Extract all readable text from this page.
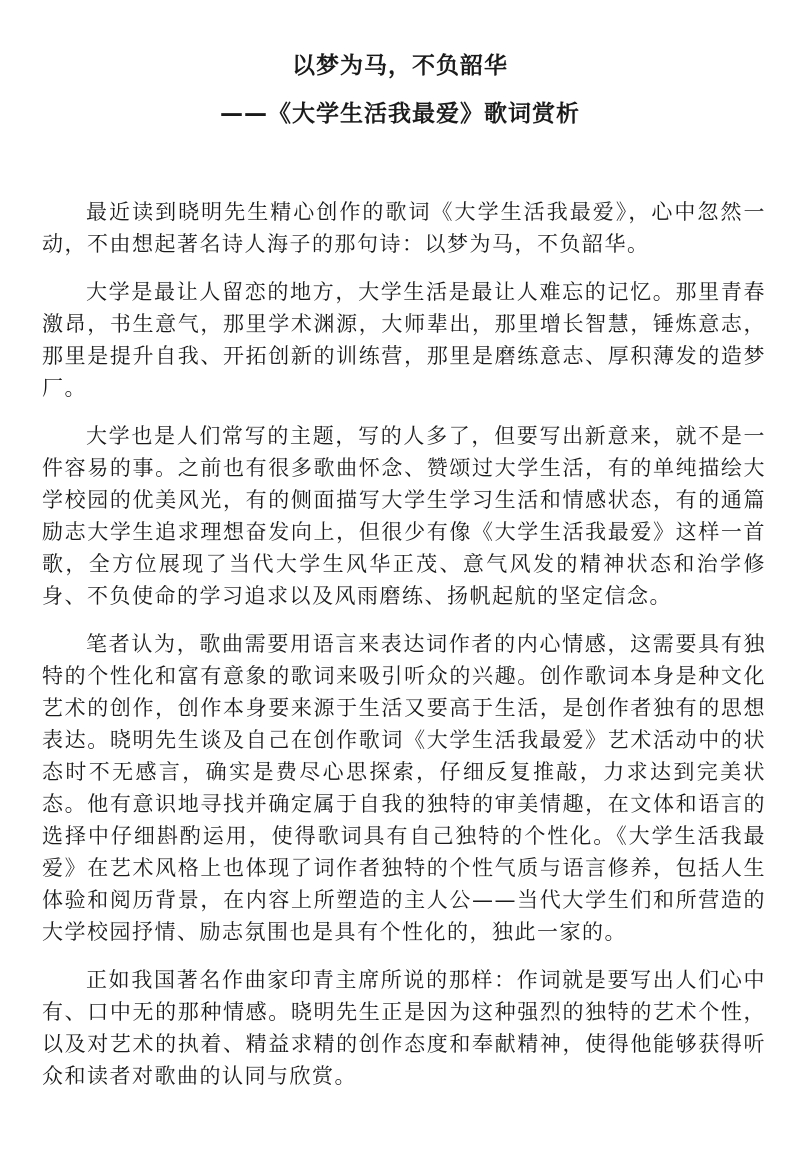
以梦为马，不负韶华
——《大学生活我最爱》歌词赏析

最近读到晓明先生精心创作的歌词《大学生活我最爱》，心中忽然一动，不由想起著名诗人海子的那句诗：以梦为马，不负韶华。

大学是最让人留恋的地方，大学生活是最让人难忘的记忆。那里青春激昂，书生意气，那里学术渊源，大师辈出，那里增长智慧，锤炼意志，那里是提升自我、开拓创新的训练营，那里是磨练意志、厚积薄发的造梦厂。

大学也是人们常写的主题，写的人多了，但要写出新意来，就不是一件容易的事。之前也有很多歌曲怀念、赞颂过大学生活，有的单纯描绘大学校园的优美风光，有的侧面描写大学生学习生活和情感状态，有的通篇励志大学生追求理想奋发向上，但很少有像《大学生活我最爱》这样一首歌，全方位展现了当代大学生风华正茂、意气风发的精神状态和治学修身、不负使命的学习追求以及风雨磨练、扬帆起航的坚定信念。

笔者认为，歌曲需要用语言来表达词作者的内心情感，这需要具有独特的个性化和富有意象的歌词来吸引听众的兴趣。创作歌词本身是种文化艺术的创作，创作本身要来源于生活又要高于生活，是创作者独有的思想表达。晓明先生谈及自己在创作歌词《大学生活我最爱》艺术活动中的状态时不无感言，确实是费尽心思探索，仔细反复推敲，力求达到完美状态。他有意识地寻找并确定属于自我的独特的审美情趣，在文体和语言的选择中仔细斟酌运用，使得歌词具有自己独特的个性化。《大学生活我最爱》在艺术风格上也体现了词作者独特的个性气质与语言修养，包括人生体验和阅历背景，在内容上所塑造的主人公——当代大学生们和所营造的大学校园抒情、励志氛围也是具有个性化的，独此一家的。

正如我国著名作曲家印青主席所说的那样：作词就是要写出人们心中有、口中无的那种情感。晓明先生正是因为这种强烈的独特的艺术个性，以及对艺术的执着、精益求精的创作态度和奉献精神，使得他能够获得听众和读者对歌曲的认同与欣赏。
